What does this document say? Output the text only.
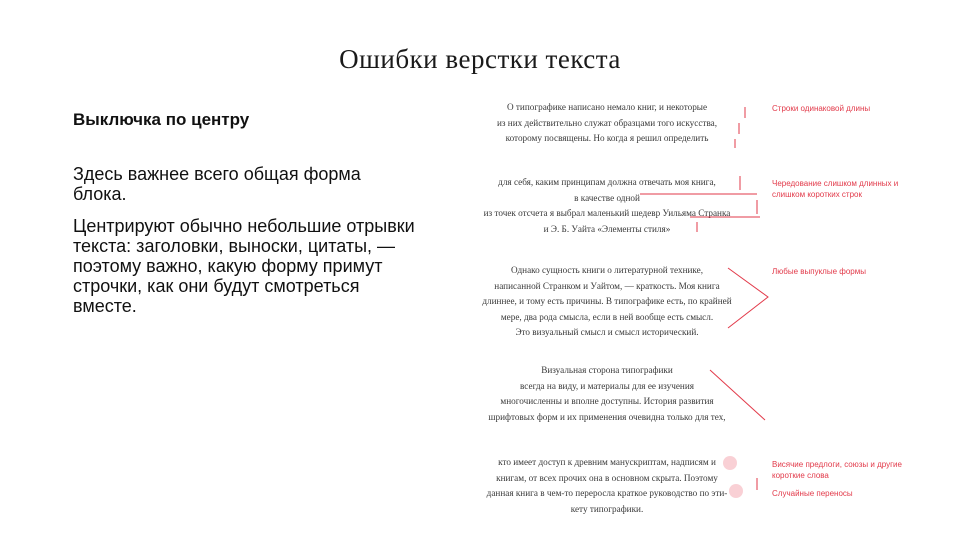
Ошибки верстки текста
Выключка по центру
Здесь важнее всего общая форма блока.
Центрируют обычно небольшие отрывки текста: заголовки, выноски, цитаты, — поэтому важно, какую форму примут строчки, как они будут смотреться вместе.
О типографике написано немало книг, и некоторые
из них действительно служат образцами того искусства,
которому посвящены. Но когда я решил определить
для себя, каким принципам должна отвечать моя книга,
в качестве одной
из точек отсчета я выбрал маленький шедевр Уильяма Странка
и Э. Б. Уайта «Элементы стиля»
Однако сущность книги о литературной технике,
написанной Странком и Уайтом, — краткость. Моя книга
длиннее, и тому есть причины. В типографике есть, по крайней
мере, два рода смысла, если в ней вообще есть смысл.
Это визуальный смысл и смысл исторический.
Визуальная сторона типографики
всегда на виду, и материалы для ее изучения
многочисленны и вполне доступны. История развития
шрифтовых форм и их применения очевидна только для тех,
кто имеет доступ к древним манускриптам, надписям и
книгам, от всех прочих она в основном скрыта. Поэтому
данная книга в чем-то переросла краткое руководство по эти-
кету типографики.
Строки одинаковой длины
Чередование слишком длинных и слишком коротких строк
Любые выпуклые формы
Висячие предлоги, союзы и другие короткие слова
Случайные переносы
